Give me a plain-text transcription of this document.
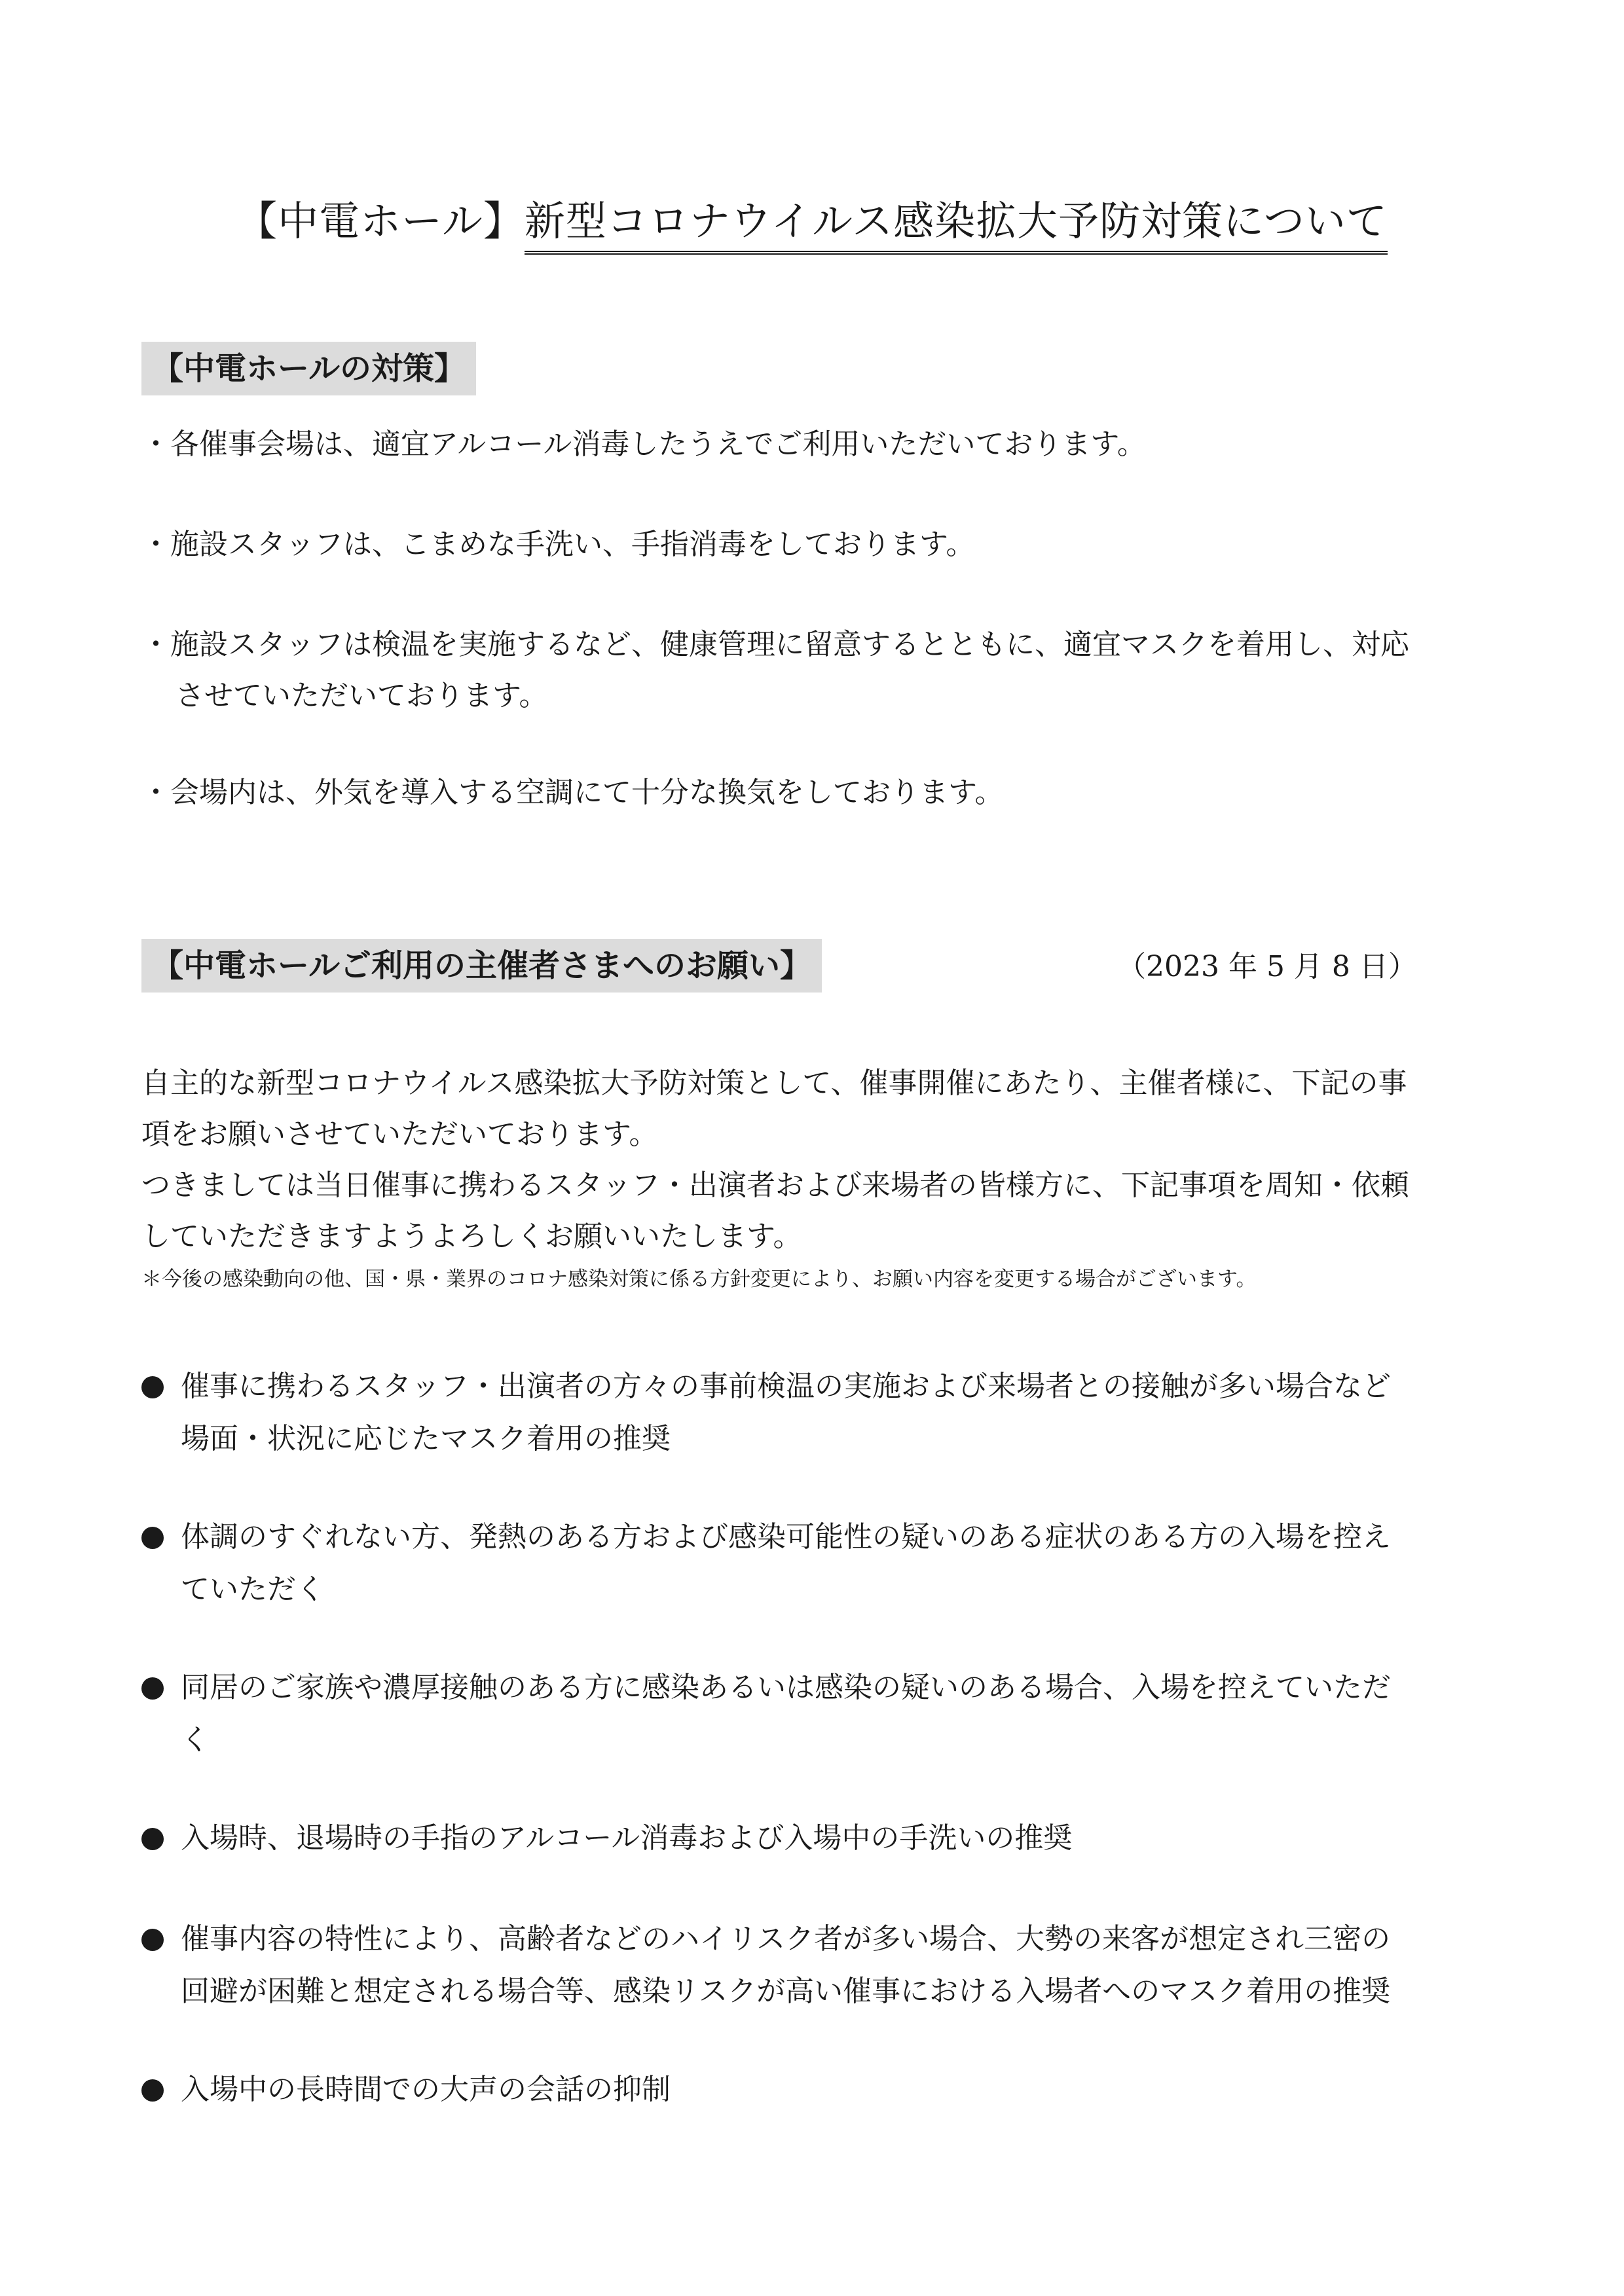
【中電ホール】新型コロナウイルス感染拡大予防対策について
【中電ホールの対策】
・各催事会場は、適宜アルコール消毒したうえでご利用いただいております。
・施設スタッフは、こまめな手洗い、手指消毒をしております。
・施設スタッフは検温を実施するなど、健康管理に留意するとともに、適宜マスクを着用し、対応
させていただいております。
・会場内は、外気を導入する空調にて十分な換気をしております。
【中電ホールご利用の主催者さまへのお願い】	（2023 年 5 月 8 日）
自主的な新型コロナウイルス感染拡大予防対策として、催事開催にあたり、主催者様に、下記の事
項をお願いさせていただいております。
つきましては当日催事に携わるスタッフ・出演者および来場者の皆様方に、下記事項を周知・依頼
していただきますようよろしくお願いいたします。
＊今後の感染動向の他、国・県・業界のコロナ感染対策に係る方針変更により、お願い内容を変更する場合がございます。
催事に携わるスタッフ・出演者の方々の事前検温の実施および来場者との接触が多い場合など
場面・状況に応じたマスク着用の推奨
体調のすぐれない方、発熱のある方および感染可能性の疑いのある症状のある方の入場を控え
ていただく
同居のご家族や濃厚接触のある方に感染あるいは感染の疑いのある場合、入場を控えていただ
く
入場時、退場時の手指のアルコール消毒および入場中の手洗いの推奨
催事内容の特性により、高齢者などのハイリスク者が多い場合、大勢の来客が想定され三密の
回避が困難と想定される場合等、感染リスクが高い催事における入場者へのマスク着用の推奨
入場中の長時間での大声の会話の抑制
